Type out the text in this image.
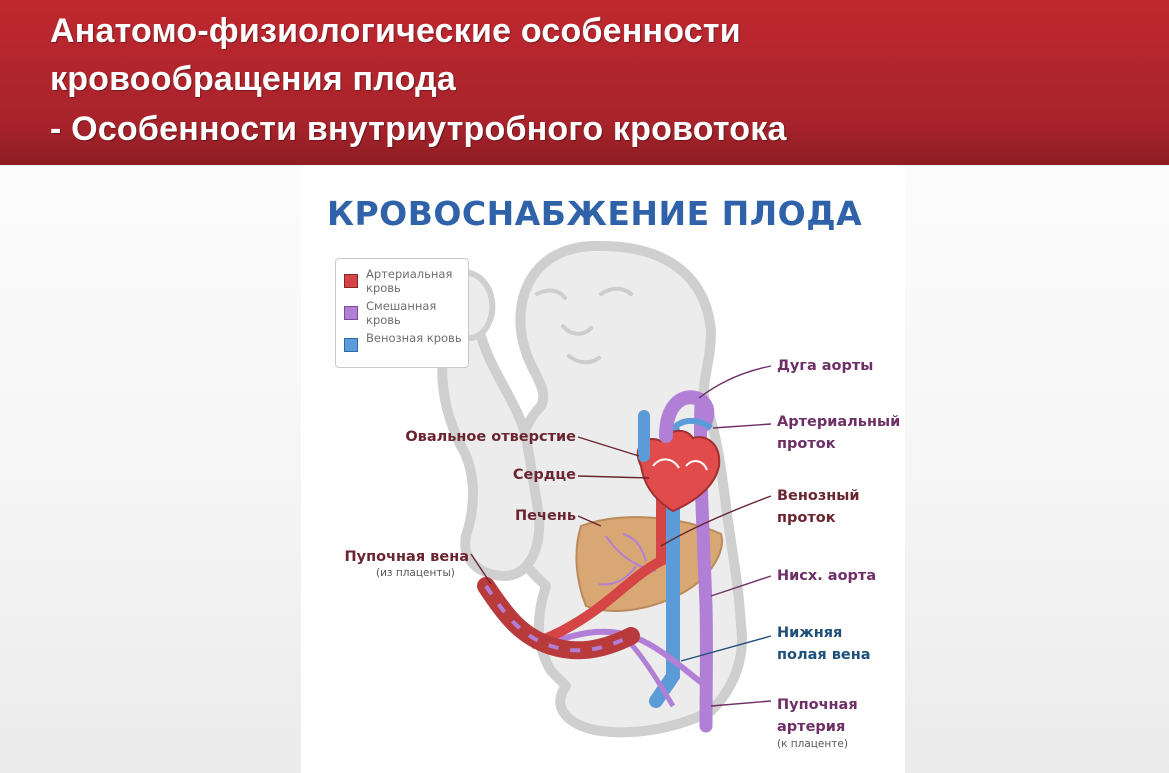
Анатомо-физиологические особенности
кровообращения плода
- Особенности внутриутробного кровотока
КРОВОСНАБЖЕНИЕ ПЛОДА
Артериальная кровь
Смешанная кровь
Венозная кровь
Овальное отверстие
Сердце
Печень
Пупочная вена
(из плаценты)
Дуга аорты
Артериальный проток
Венозный проток
Нисх. аорта
Нижняя полая вена
Пупочная артерия
(к плаценте)
